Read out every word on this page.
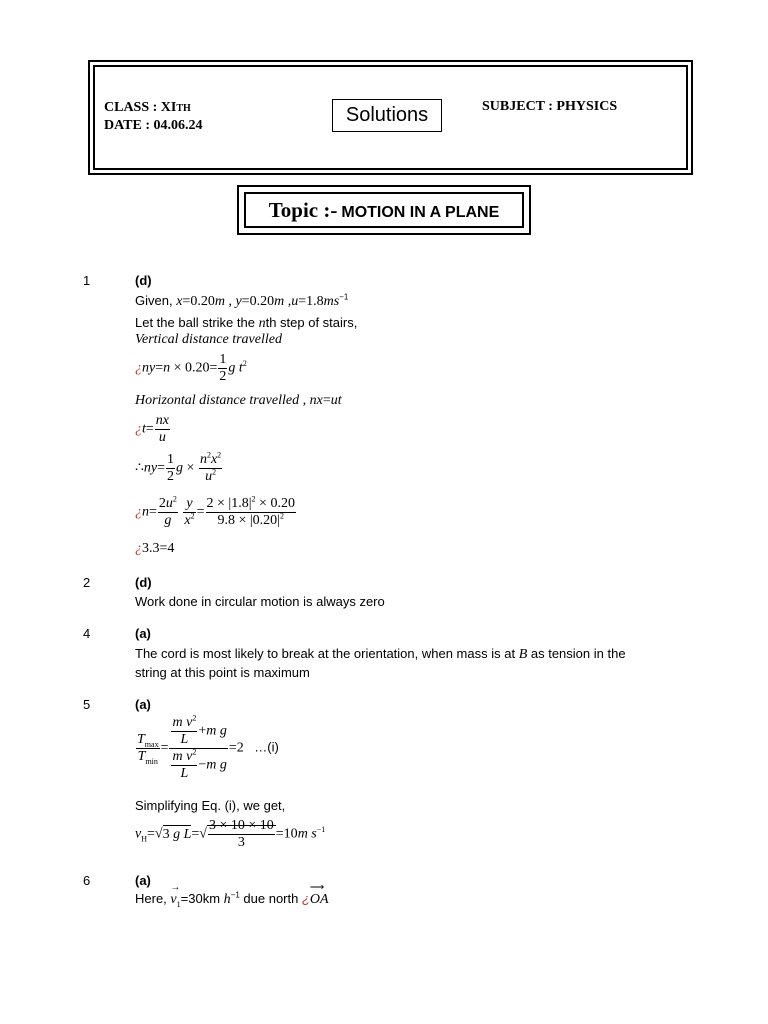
CLASS : XITH
DATE : 04.06.24	Solutions	SUBJECT : PHYSICS
Topic :- MOTION IN A PLANE
1	(d)
Given, x=0.20m , y=0.20m $,u=1.8ms^{-1}$
Let the ball strike the nth step of stairs,
Vertical distance travelled
¿$ny=n \times 0.20= \frac{1}{2}$ g $t^2$
Horizontal distance travelled , nx=ut
¿$t= \frac{nx}{u}$
∴ny= $\frac{1}{2}$ $g \times \frac{n^2x^2}{u^2}$
¿$n= \frac{2u^2}{g}$
$\frac{y}{x^2} = \frac{2 \times |1.8|^2 \times 0.20}{9.8 \times |0.20|^2}$
¿3.3=4
2	(d)
Work done in circular motion is always zero
4	(a)
The cord is most likely to break at the orientation, when mass is at B as tension in the
string at this point is maximum
5	(a)
$\frac{T_{max}}{T_{min}} = \frac{\frac{m v^2}{L} +m g}{\frac{m v^2}{L} -m g} =2$   …(i)
Simplifying Eq. (i), we get,
$v_H=√3$ g $L=√ \frac{3 \times 10 \times 10}{3} =10m$ $s^{-1}$
6	(a)
Here, v
→
$_1$=30km $h^{-1}$ due north ¿OA
⟶
